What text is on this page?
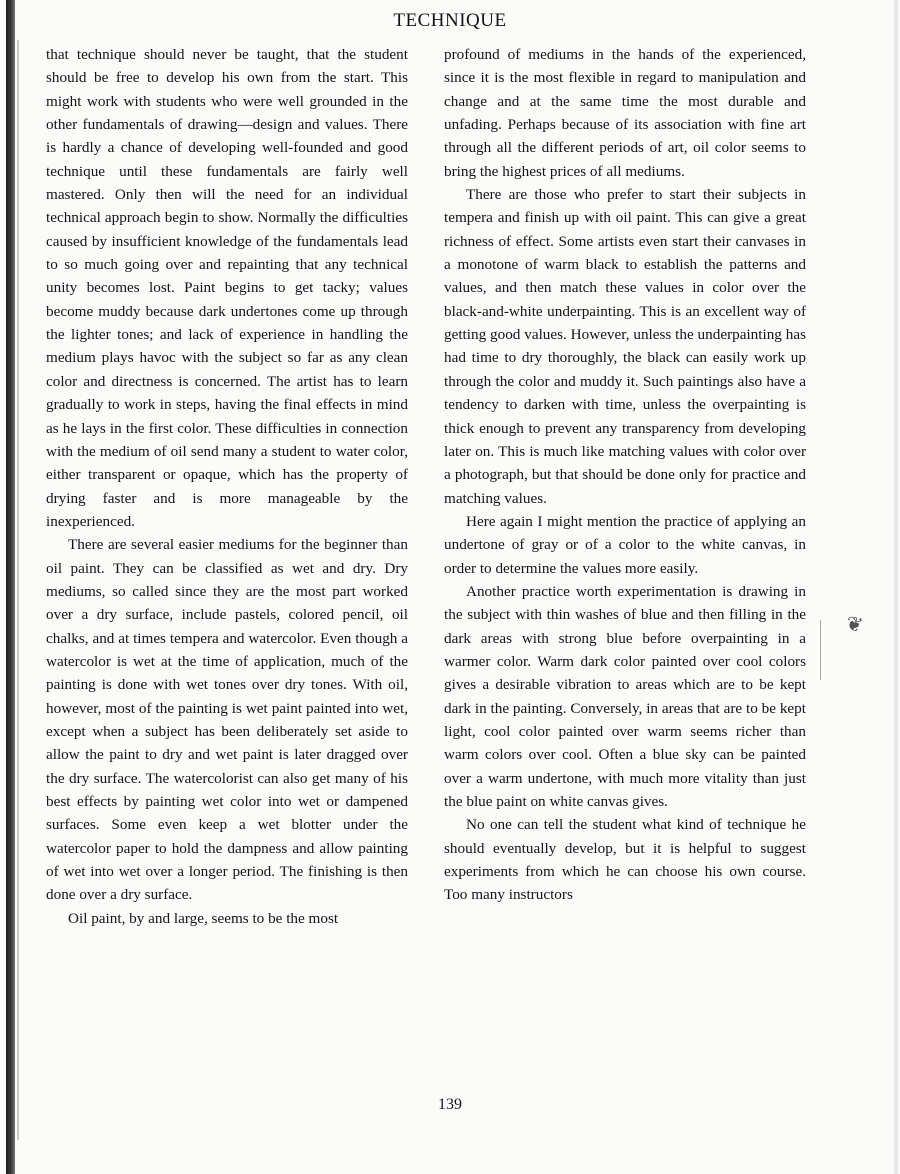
TECHNIQUE

that technique should never be taught, that the student should be free to develop his own from the start. This might work with students who were well grounded in the other fundamentals of drawing—design and values. There is hardly a chance of developing well-founded and good technique until these fundamentals are fairly well mastered. Only then will the need for an individual technical approach begin to show. Normally the difficulties caused by insufficient knowledge of the fundamentals lead to so much going over and repainting that any technical unity becomes lost. Paint begins to get tacky; values become muddy because dark undertones come up through the lighter tones; and lack of experience in handling the medium plays havoc with the subject so far as any clean color and directness is concerned. The artist has to learn gradually to work in steps, having the final effects in mind as he lays in the first color. These difficulties in connection with the medium of oil send many a student to water color, either transparent or opaque, which has the property of drying faster and is more manageable by the inexperienced.

There are several easier mediums for the beginner than oil paint. They can be classified as wet and dry. Dry mediums, so called since they are the most part worked over a dry surface, include pastels, colored pencil, oil chalks, and at times tempera and watercolor. Even though a watercolor is wet at the time of application, much of the painting is done with wet tones over dry tones. With oil, however, most of the painting is wet paint painted into wet, except when a subject has been deliberately set aside to allow the paint to dry and wet paint is later dragged over the dry surface. The watercolorist can also get many of his best effects by painting wet color into wet or dampened surfaces. Some even keep a wet blotter under the watercolor paper to hold the dampness and allow painting of wet into wet over a longer period. The finishing is then done over a dry surface.

Oil paint, by and large, seems to be the most

profound of mediums in the hands of the experienced, since it is the most flexible in regard to manipulation and change and at the same time the most durable and unfading. Perhaps because of its association with fine art through all the different periods of art, oil color seems to bring the highest prices of all mediums.

There are those who prefer to start their subjects in tempera and finish up with oil paint. This can give a great richness of effect. Some artists even start their canvases in a monotone of warm black to establish the patterns and values, and then match these values in color over the black-and-white underpainting. This is an excellent way of getting good values. However, unless the underpainting has had time to dry thoroughly, the black can easily work up through the color and muddy it. Such paintings also have a tendency to darken with time, unless the overpainting is thick enough to prevent any transparency from developing later on. This is much like matching values with color over a photograph, but that should be done only for practice and matching values.

Here again I might mention the practice of applying an undertone of gray or of a color to the white canvas, in order to determine the values more easily.

Another practice worth experimentation is drawing in the subject with thin washes of blue and then filling in the dark areas with strong blue before overpainting in a warmer color. Warm dark color painted over cool colors gives a desirable vibration to areas which are to be kept dark in the painting. Conversely, in areas that are to be kept light, cool color painted over warm seems richer than warm colors over cool. Often a blue sky can be painted over a warm undertone, with much more vitality than just the blue paint on white canvas gives.

No one can tell the student what kind of technique he should eventually develop, but it is helpful to suggest experiments from which he can choose his own course. Too many instructors

❦
139
